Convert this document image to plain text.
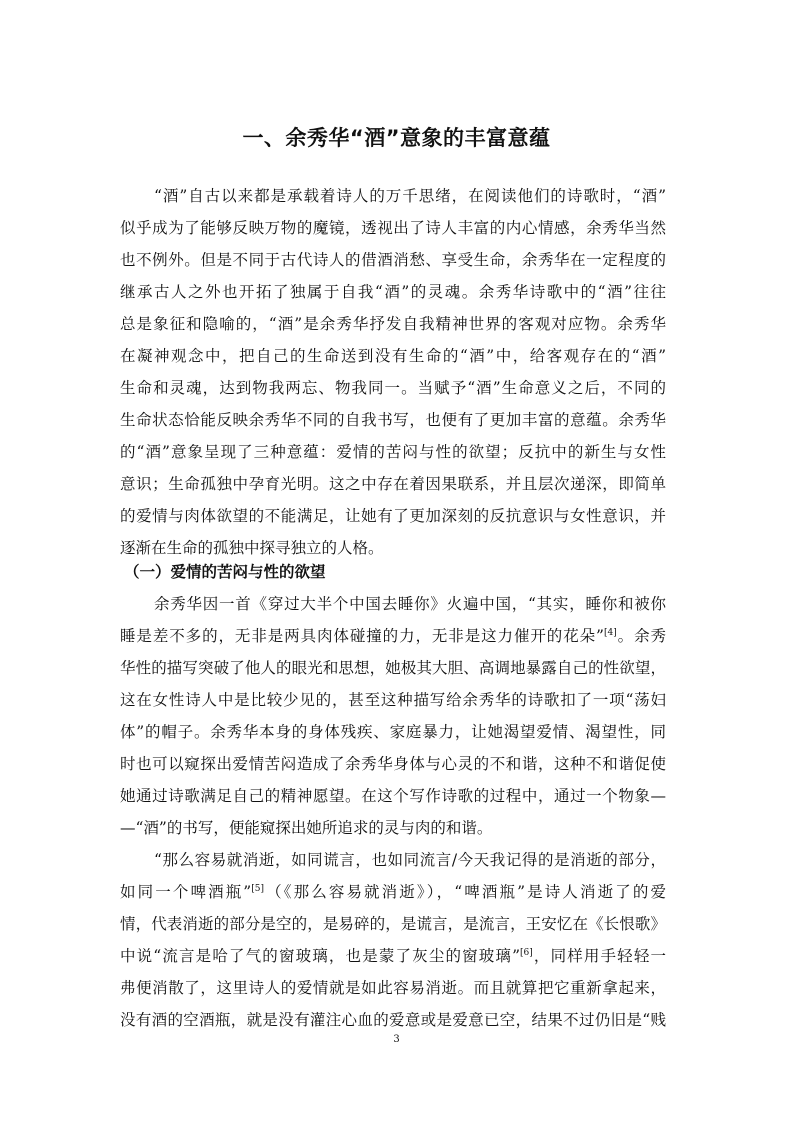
一、余秀华“酒”意象的丰富意蕴
“酒”自古以来都是承载着诗人的万千思绪，在阅读他们的诗歌时，“酒”
似乎成为了能够反映万物的魔镜，透视出了诗人丰富的内心情感，余秀华当然
也不例外。但是不同于古代诗人的借酒消愁、享受生命，余秀华在一定程度的
继承古人之外也开拓了独属于自我“酒”的灵魂。余秀华诗歌中的“酒”往往
总是象征和隐喻的，“酒”是余秀华抒发自我精神世界的客观对应物。余秀华
在凝神观念中，把自己的生命送到没有生命的“酒”中，给客观存在的“酒”
生命和灵魂，达到物我两忘、物我同一。当赋予“酒”生命意义之后，不同的
生命状态恰能反映余秀华不同的自我书写，也便有了更加丰富的意蕴。余秀华
的“酒”意象呈现了三种意蕴：爱情的苦闷与性的欲望；反抗中的新生与女性
意识；生命孤独中孕育光明。这之中存在着因果联系，并且层次递深，即简单
的爱情与肉体欲望的不能满足，让她有了更加深刻的反抗意识与女性意识，并
逐渐在生命的孤独中探寻独立的人格。
（一）爱情的苦闷与性的欲望
余秀华因一首《穿过大半个中国去睡你》火遍中国，“其实，睡你和被你
睡是差不多的，无非是两具肉体碰撞的力，无非是这力催开的花朵”[4]。余秀
华性的描写突破了他人的眼光和思想，她极其大胆、高调地暴露自己的性欲望，
这在女性诗人中是比较少见的，甚至这种描写给余秀华的诗歌扣了一项“荡妇
体”的帽子。余秀华本身的身体残疾、家庭暴力，让她渴望爱情、渴望性，同
时也可以窥探出爱情苦闷造成了余秀华身体与心灵的不和谐，这种不和谐促使
她通过诗歌满足自己的精神愿望。在这个写作诗歌的过程中，通过一个物象—
—“酒”的书写，便能窥探出她所追求的灵与肉的和谐。
“那么容易就消逝，如同谎言，也如同流言/今天我记得的是消逝的部分，
如同一个啤酒瓶”[5]（《那么容易就消逝》），“啤酒瓶”是诗人消逝了的爱
情，代表消逝的部分是空的，是易碎的，是谎言，是流言，王安忆在《长恨歌》
中说“流言是哈了气的窗玻璃，也是蒙了灰尘的窗玻璃”[6]，同样用手轻轻一
弗便消散了，这里诗人的爱情就是如此容易消逝。而且就算把它重新拿起来，
没有酒的空酒瓶，就是没有灌注心血的爱意或是爱意已空，结果不过仍旧是“贱
3
